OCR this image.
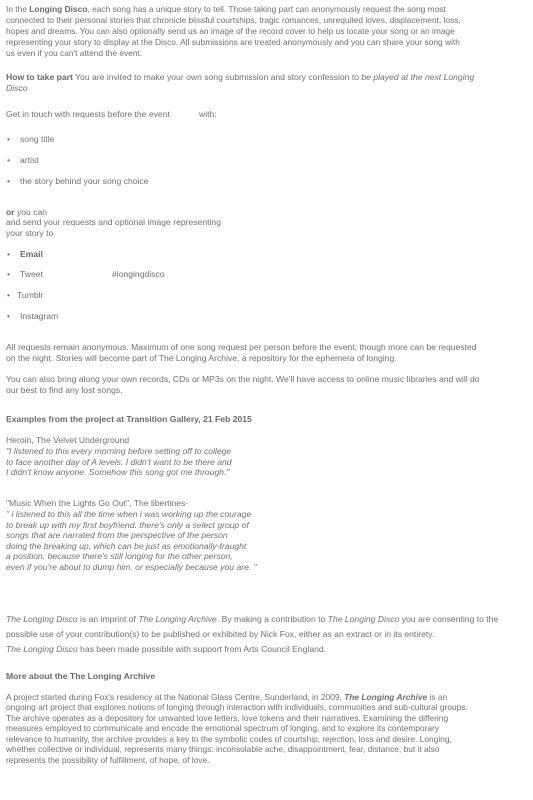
In the Longing Disco, each song has a unique story to tell. Those taking part can anonymously request the song most
connected to their personal stories that chronicle blissful courtships, tragic romances, unrequited loves, displacement, loss,
hopes and dreams. You can also optionally send us an image of the record cover to help us locate your song or an image
representing your story to display at the Disco. All submissions are treated anonymously and you can share your song with
us even if you can't attend the event.
How to take part You are invited to make your own song submission and story confession to be played at the next Longing
Disco
Get in touch with requests before the event	with:
• song title
• artist
• the story behind your song choice
or you can
and send your requests and optional image representing
your story to
• Email
• Tweet	#longingdisco
• Tumblr
• Instagram
All requests remain anonymous. Maximum of one song request per person before the event, though more can be requested
on the night. Stories will become part of The Longing Archive, a repository for the ephemera of longing.
You can also bring along your own records, CDs or MP3s on the night. We'll have access to online music libraries and will do
our best to find any lost songs.
Examples from the project at Transition Gallery, 21 Feb 2015
Heroin, The Velvet Underground
"I listened to this every morning before setting off to college
to face another day of A levels. I didn't want to be there and
I didn't know anyone. Somehow this song got me through."
"Music When the Lights Go Out", The libertines-
" i listened to this all the time when i was working up the courage
to break up with my first boyfriend. there's only a select group of
songs that are narrated from the perspective of the person
doing the breaking up, which can be just as emotionally-fraught
a position. because there's still longing for the other person,
even if you're about to dump him. or especially because you are. "
The Longing Disco is an imprint of The Longing Archive. By making a contribution to The Longing Disco you are consenting to the
possible use of your contribution(s) to be published or exhibited by Nick Fox, either as an extract or in its entirety.
The Longing Disco has been made possible with support from Arts Council England.
More about the The Longing Archive
A project started during Fox's residency at the National Glass Centre, Sunderland, in 2009, The Longing Archive is an
ongoing art project that explores notions of longing through interaction with individuals, communities and sub-cultural groups.
The archive operates as a depository for unwanted love letters, love tokens and their narratives. Examining the differing
measures employed to communicate and encode the emotional spectrum of longing, and to explore its contemporary
relevance to humanity, the archive provides a key to the symbolic codes of courtship, rejection, loss and desire. Longing,
whether collective or individual, represents many things: inconsolable ache, disappointment, fear, distance, but it also
represents the possibility of fulfillment, of hope, of love.
